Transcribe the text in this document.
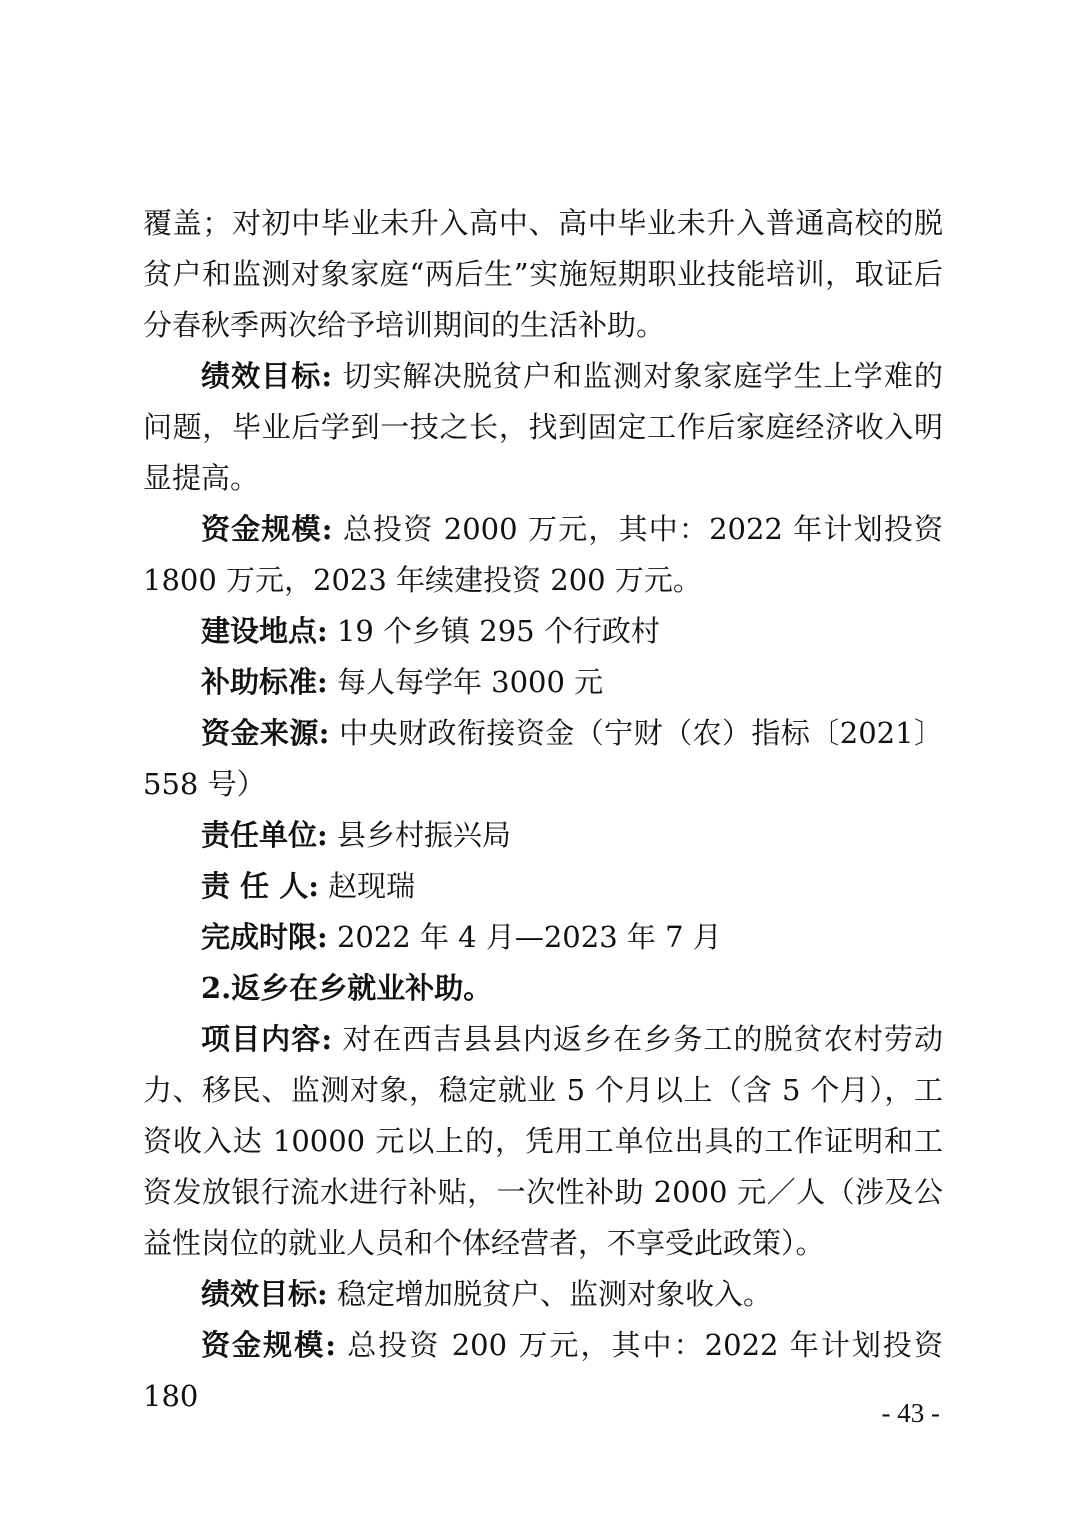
覆盖；对初中毕业未升入高中、高中毕业未升入普通高校的脱贫户和监测对象家庭“两后生”实施短期职业技能培训，取证后分春秋季两次给予培训期间的生活补助。

绩效目标: 切实解决脱贫户和监测对象家庭学生上学难的问题，毕业后学到一技之长，找到固定工作后家庭经济收入明显提高。

资金规模: 总投资 2000 万元，其中：2022 年计划投资 1800 万元，2023 年续建投资 200 万元。

建设地点: 19 个乡镇 295 个行政村

补助标准: 每人每学年 3000 元

资金来源: 中央财政衔接资金（宁财（农）指标〔2021〕558 号）

责任单位: 县乡村振兴局

责 任 人: 赵现瑞

完成时限: 2022 年 4 月—2023 年 7 月

2.返乡在乡就业补助。

项目内容: 对在西吉县县内返乡在乡务工的脱贫农村劳动力、移民、监测对象，稳定就业 5 个月以上（含 5 个月），工资收入达 10000 元以上的，凭用工单位出具的工作证明和工资发放银行流水进行补贴，一次性补助 2000 元／人（涉及公益性岗位的就业人员和个体经营者，不享受此政策）。

绩效目标: 稳定增加脱贫户、监测对象收入。

资金规模: 总投资 200 万元，其中：2022 年计划投资 180	- 43 -
